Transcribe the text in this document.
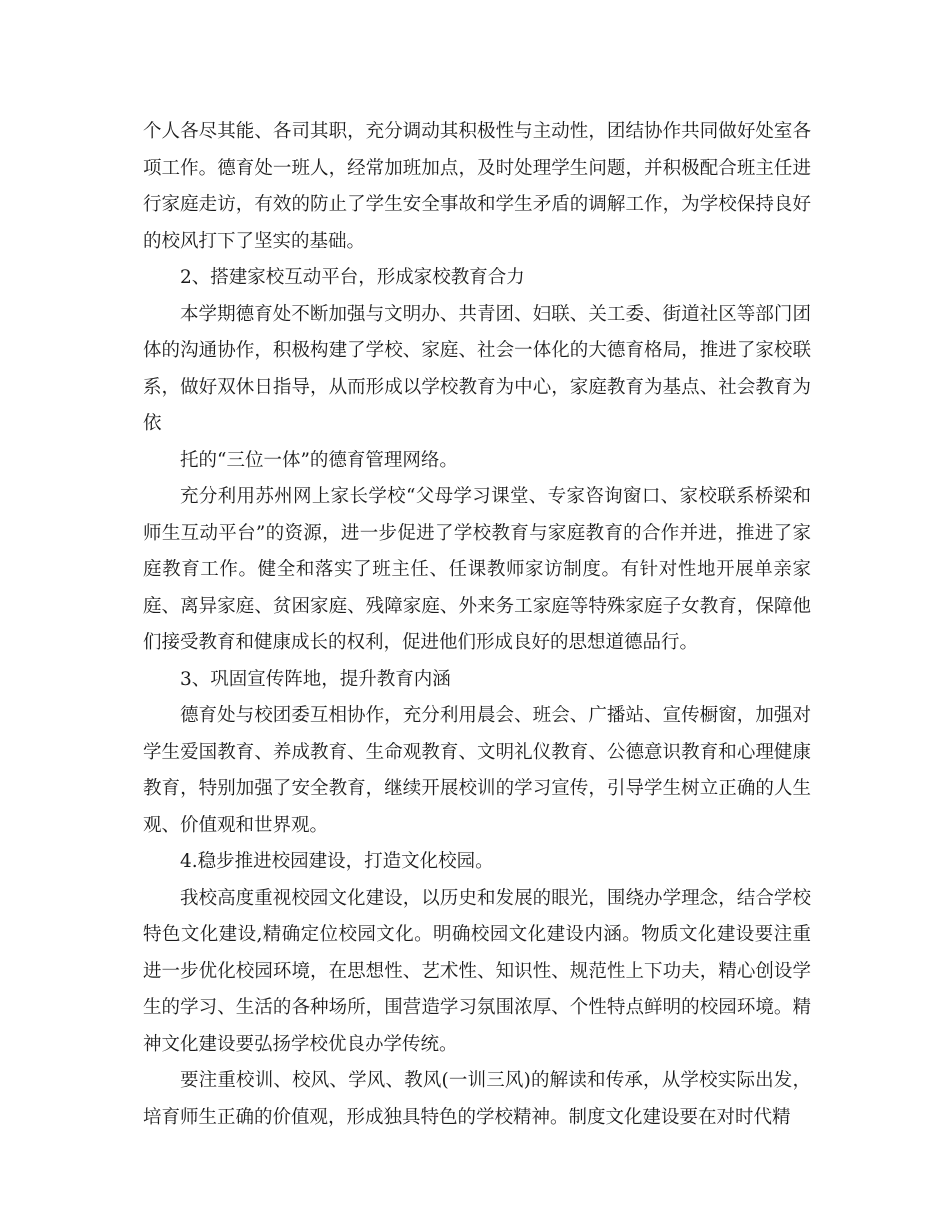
个人各尽其能、各司其职，充分调动其积极性与主动性，团结协作共同做好处室各项工作。德育处一班人，经常加班加点，及时处理学生问题，并积极配合班主任进行家庭走访，有效的防止了学生安全事故和学生矛盾的调解工作，为学校保持良好的校风打下了坚实的基础。

2、搭建家校互动平台，形成家校教育合力

本学期德育处不断加强与文明办、共青团、妇联、关工委、街道社区等部门团体的沟通协作，积极构建了学校、家庭、社会一体化的大德育格局，推进了家校联系，做好双休日指导，从而形成以学校教育为中心，家庭教育为基点、社会教育为依

托的“三位一体”的德育管理网络。

充分利用苏州网上家长学校“父母学习课堂、专家咨询窗口、家校联系桥梁和师生互动平台”的资源，进一步促进了学校教育与家庭教育的合作并进，推进了家庭教育工作。健全和落实了班主任、任课教师家访制度。有针对性地开展单亲家庭、离异家庭、贫困家庭、残障家庭、外来务工家庭等特殊家庭子女教育，保障他们接受教育和健康成长的权利，促进他们形成良好的思想道德品行。

3、巩固宣传阵地，提升教育内涵

德育处与校团委互相协作，充分利用晨会、班会、广播站、宣传橱窗，加强对学生爱国教育、养成教育、生命观教育、文明礼仪教育、公德意识教育和心理健康教育，特别加强了安全教育，继续开展校训的学习宣传，引导学生树立正确的人生观、价值观和世界观。

4.稳步推进校园建设，打造文化校园。

我校高度重视校园文化建设，以历史和发展的眼光，围绕办学理念，结合学校特色文化建设,精确定位校园文化。明确校园文化建设内涵。物质文化建设要注重进一步优化校园环境，在思想性、艺术性、知识性、规范性上下功夫，精心创设学生的学习、生活的各种场所，围营造学习氛围浓厚、个性特点鲜明的校园环境。精神文化建设要弘扬学校优良办学传统。

要注重校训、校风、学风、教风(一训三风)的解读和传承，从学校实际出发，培育师生正确的价值观，形成独具特色的学校精神。制度文化建设要在对时代精
